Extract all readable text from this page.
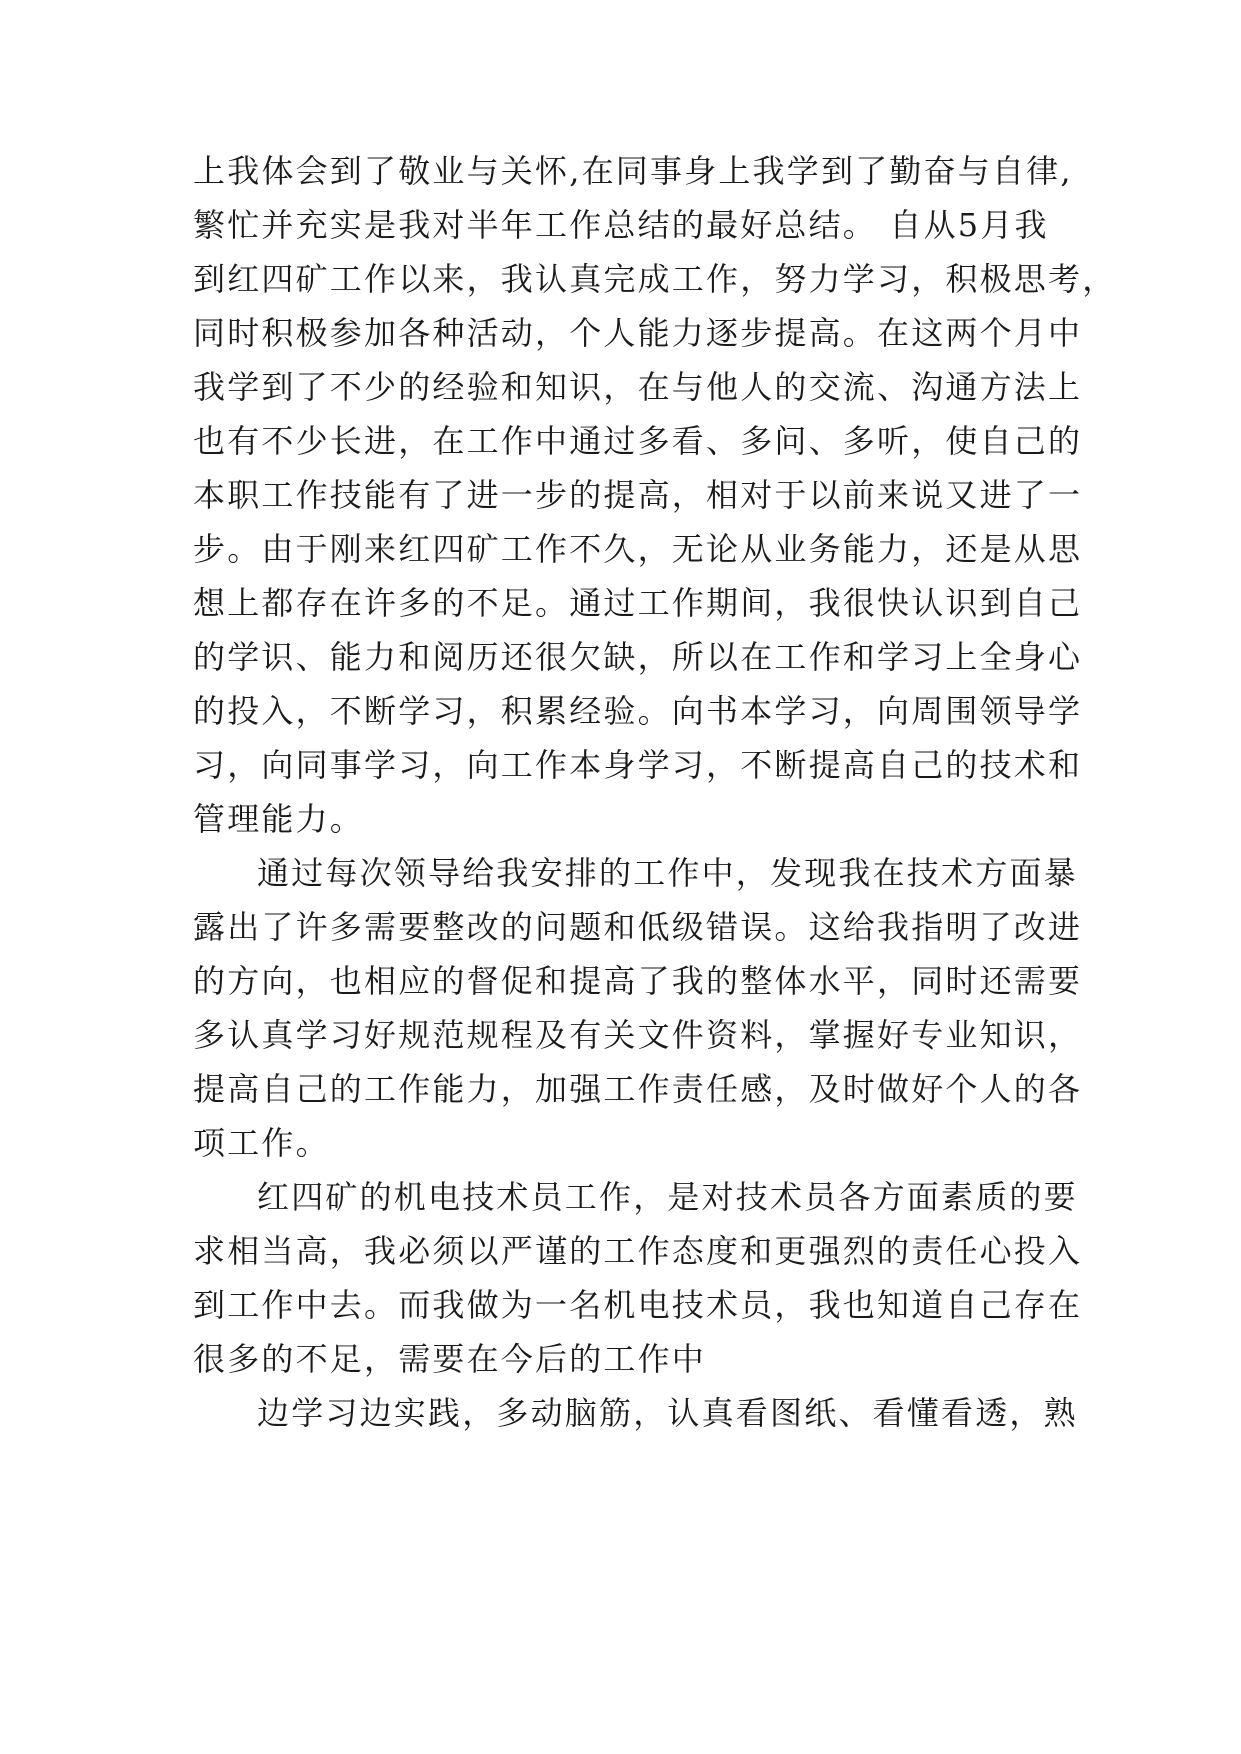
上我体会到了敬业与关怀,在同事身上我学到了勤奋与自律,
繁忙并充实是我对半年工作总结的最好总结。 自从5月我
到红四矿工作以来，我认真完成工作，努力学习，积极思考，
同时积极参加各种活动，个人能力逐步提高。在这两个月中
我学到了不少的经验和知识，在与他人的交流、沟通方法上
也有不少长进，在工作中通过多看、多问、多听，使自己的
本职工作技能有了进一步的提高，相对于以前来说又进了一
步。由于刚来红四矿工作不久，无论从业务能力，还是从思
想上都存在许多的不足。通过工作期间，我很快认识到自己
的学识、能力和阅历还很欠缺，所以在工作和学习上全身心
的投入，不断学习，积累经验。向书本学习，向周围领导学
习，向同事学习，向工作本身学习，不断提高自己的技术和
管理能力。
通过每次领导给我安排的工作中，发现我在技术方面暴
露出了许多需要整改的问题和低级错误。这给我指明了改进
的方向，也相应的督促和提高了我的整体水平，同时还需要
多认真学习好规范规程及有关文件资料，掌握好专业知识，
提高自己的工作能力，加强工作责任感，及时做好个人的各
项工作。
红四矿的机电技术员工作，是对技术员各方面素质的要
求相当高，我必须以严谨的工作态度和更强烈的责任心投入
到工作中去。而我做为一名机电技术员，我也知道自己存在
很多的不足，需要在今后的工作中
边学习边实践，多动脑筋，认真看图纸、看懂看透，熟
